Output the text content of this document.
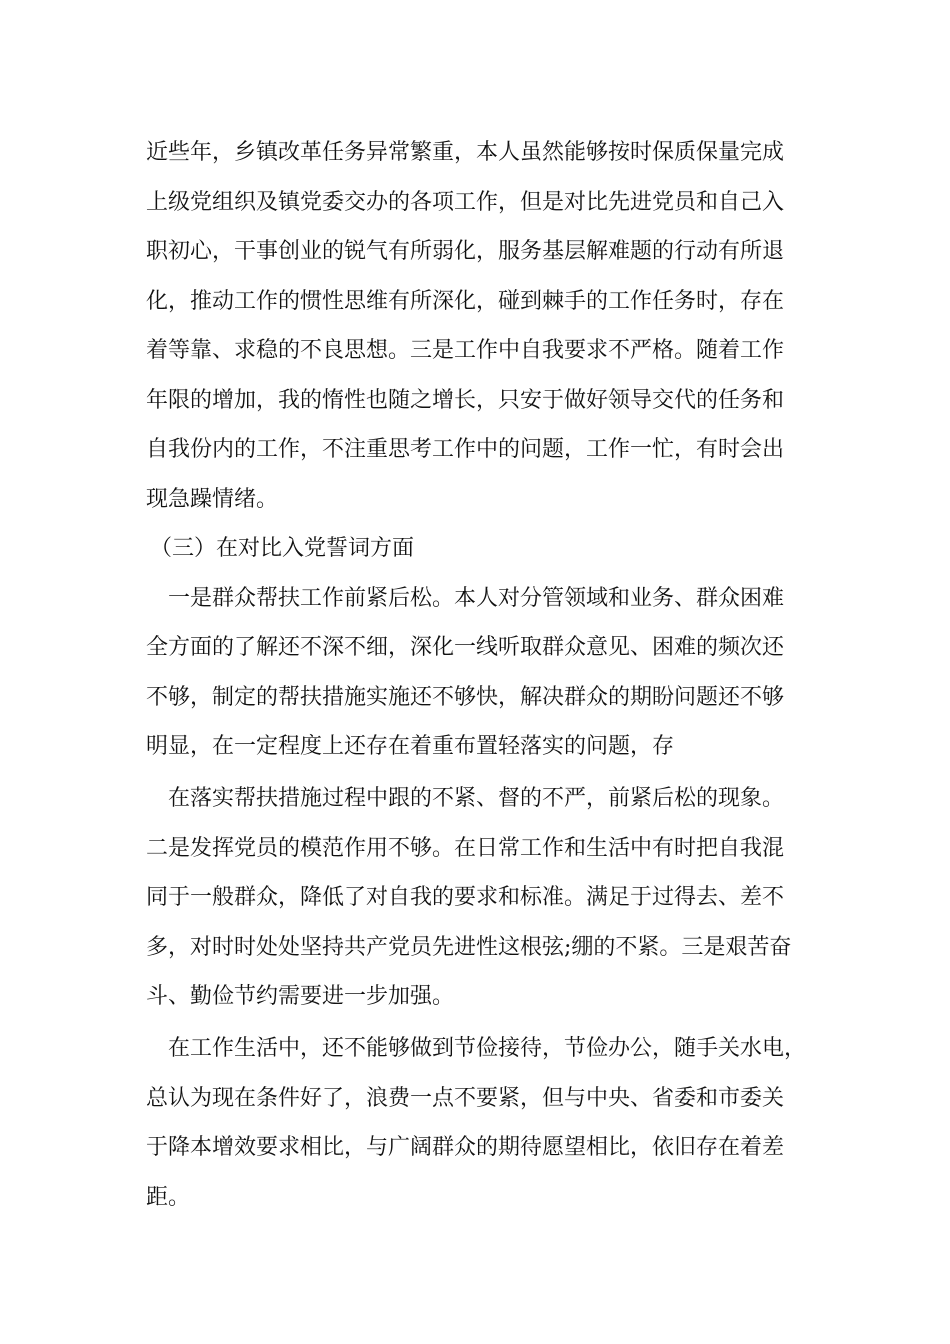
近些年，乡镇改革任务异常繁重，本人虽然能够按时保质保量完成
上级党组织及镇党委交办的各项工作，但是对比先进党员和自己入
职初心，干事创业的锐气有所弱化，服务基层解难题的行动有所退
化，推动工作的惯性思维有所深化，碰到棘手的工作任务时，存在
着等靠、求稳的不良思想。三是工作中自我要求不严格。随着工作
年限的增加，我的惰性也随之增长，只安于做好领导交代的任务和
自我份内的工作，不注重思考工作中的问题，工作一忙，有时会出
现急躁情绪。
（三）在对比入党誓词方面
一是群众帮扶工作前紧后松。本人对分管领域和业务、群众困难
全方面的了解还不深不细，深化一线听取群众意见、困难的频次还
不够，制定的帮扶措施实施还不够快，解决群众的期盼问题还不够
明显，在一定程度上还存在着重布置轻落实的问题，存
在落实帮扶措施过程中跟的不紧、督的不严，前紧后松的现象。
二是发挥党员的模范作用不够。在日常工作和生活中有时把自我混
同于一般群众，降低了对自我的要求和标准。满足于过得去、差不
多，对时时处处坚持共产党员先进性这根弦;绷的不紧。三是艰苦奋
斗、勤俭节约需要进一步加强。
在工作生活中，还不能够做到节俭接待，节俭办公，随手关水电，
总认为现在条件好了，浪费一点不要紧，但与中央、省委和市委关
于降本增效要求相比，与广阔群众的期待愿望相比，依旧存在着差
距。
